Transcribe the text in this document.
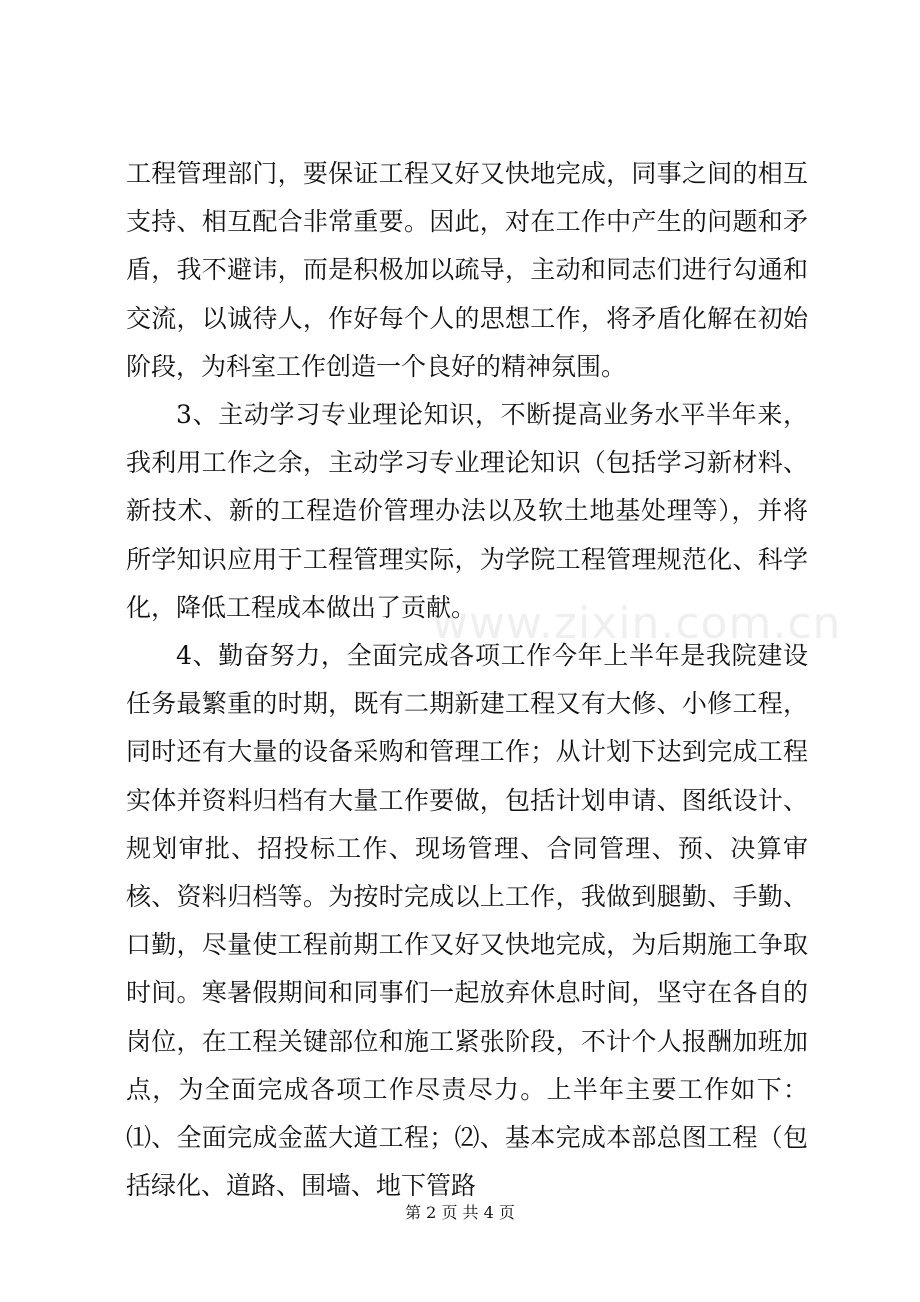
工程管理部门，要保证工程又好又快地完成，同事之间的相互支持、相互配合非常重要。因此，对在工作中产生的问题和矛盾，我不避讳，而是积极加以疏导，主动和同志们进行勾通和交流，以诚待人，作好每个人的思想工作，将矛盾化解在初始阶段，为科室工作创造一个良好的精神氛围。

3、主动学习专业理论知识，不断提高业务水平半年来，我利用工作之余，主动学习专业理论知识（包括学习新材料、新技术、新的工程造价管理办法以及软土地基处理等），并将所学知识应用于工程管理实际，为学院工程管理规范化、科学化，降低工程成本做出了贡献。

4、勤奋努力，全面完成各项工作今年上半年是我院建设任务最繁重的时期，既有二期新建工程又有大修、小修工程，同时还有大量的设备采购和管理工作；从计划下达到完成工程实体并资料归档有大量工作要做，包括计划申请、图纸设计、规划审批、招投标工作、现场管理、合同管理、预、决算审核、资料归档等。为按时完成以上工作，我做到腿勤、手勤、口勤，尽量使工程前期工作又好又快地完成，为后期施工争取时间。寒暑假期间和同事们一起放弃休息时间，坚守在各自的岗位，在工程关键部位和施工紧张阶段，不计个人报酬加班加点，为全面完成各项工作尽责尽力。上半年主要工作如下：⑴、全面完成金蓝大道工程；⑵、基本完成本部总图工程（包括绿化、道路、围墙、地下管路

www.zixin.com.cn
第 2 页 共 4 页
